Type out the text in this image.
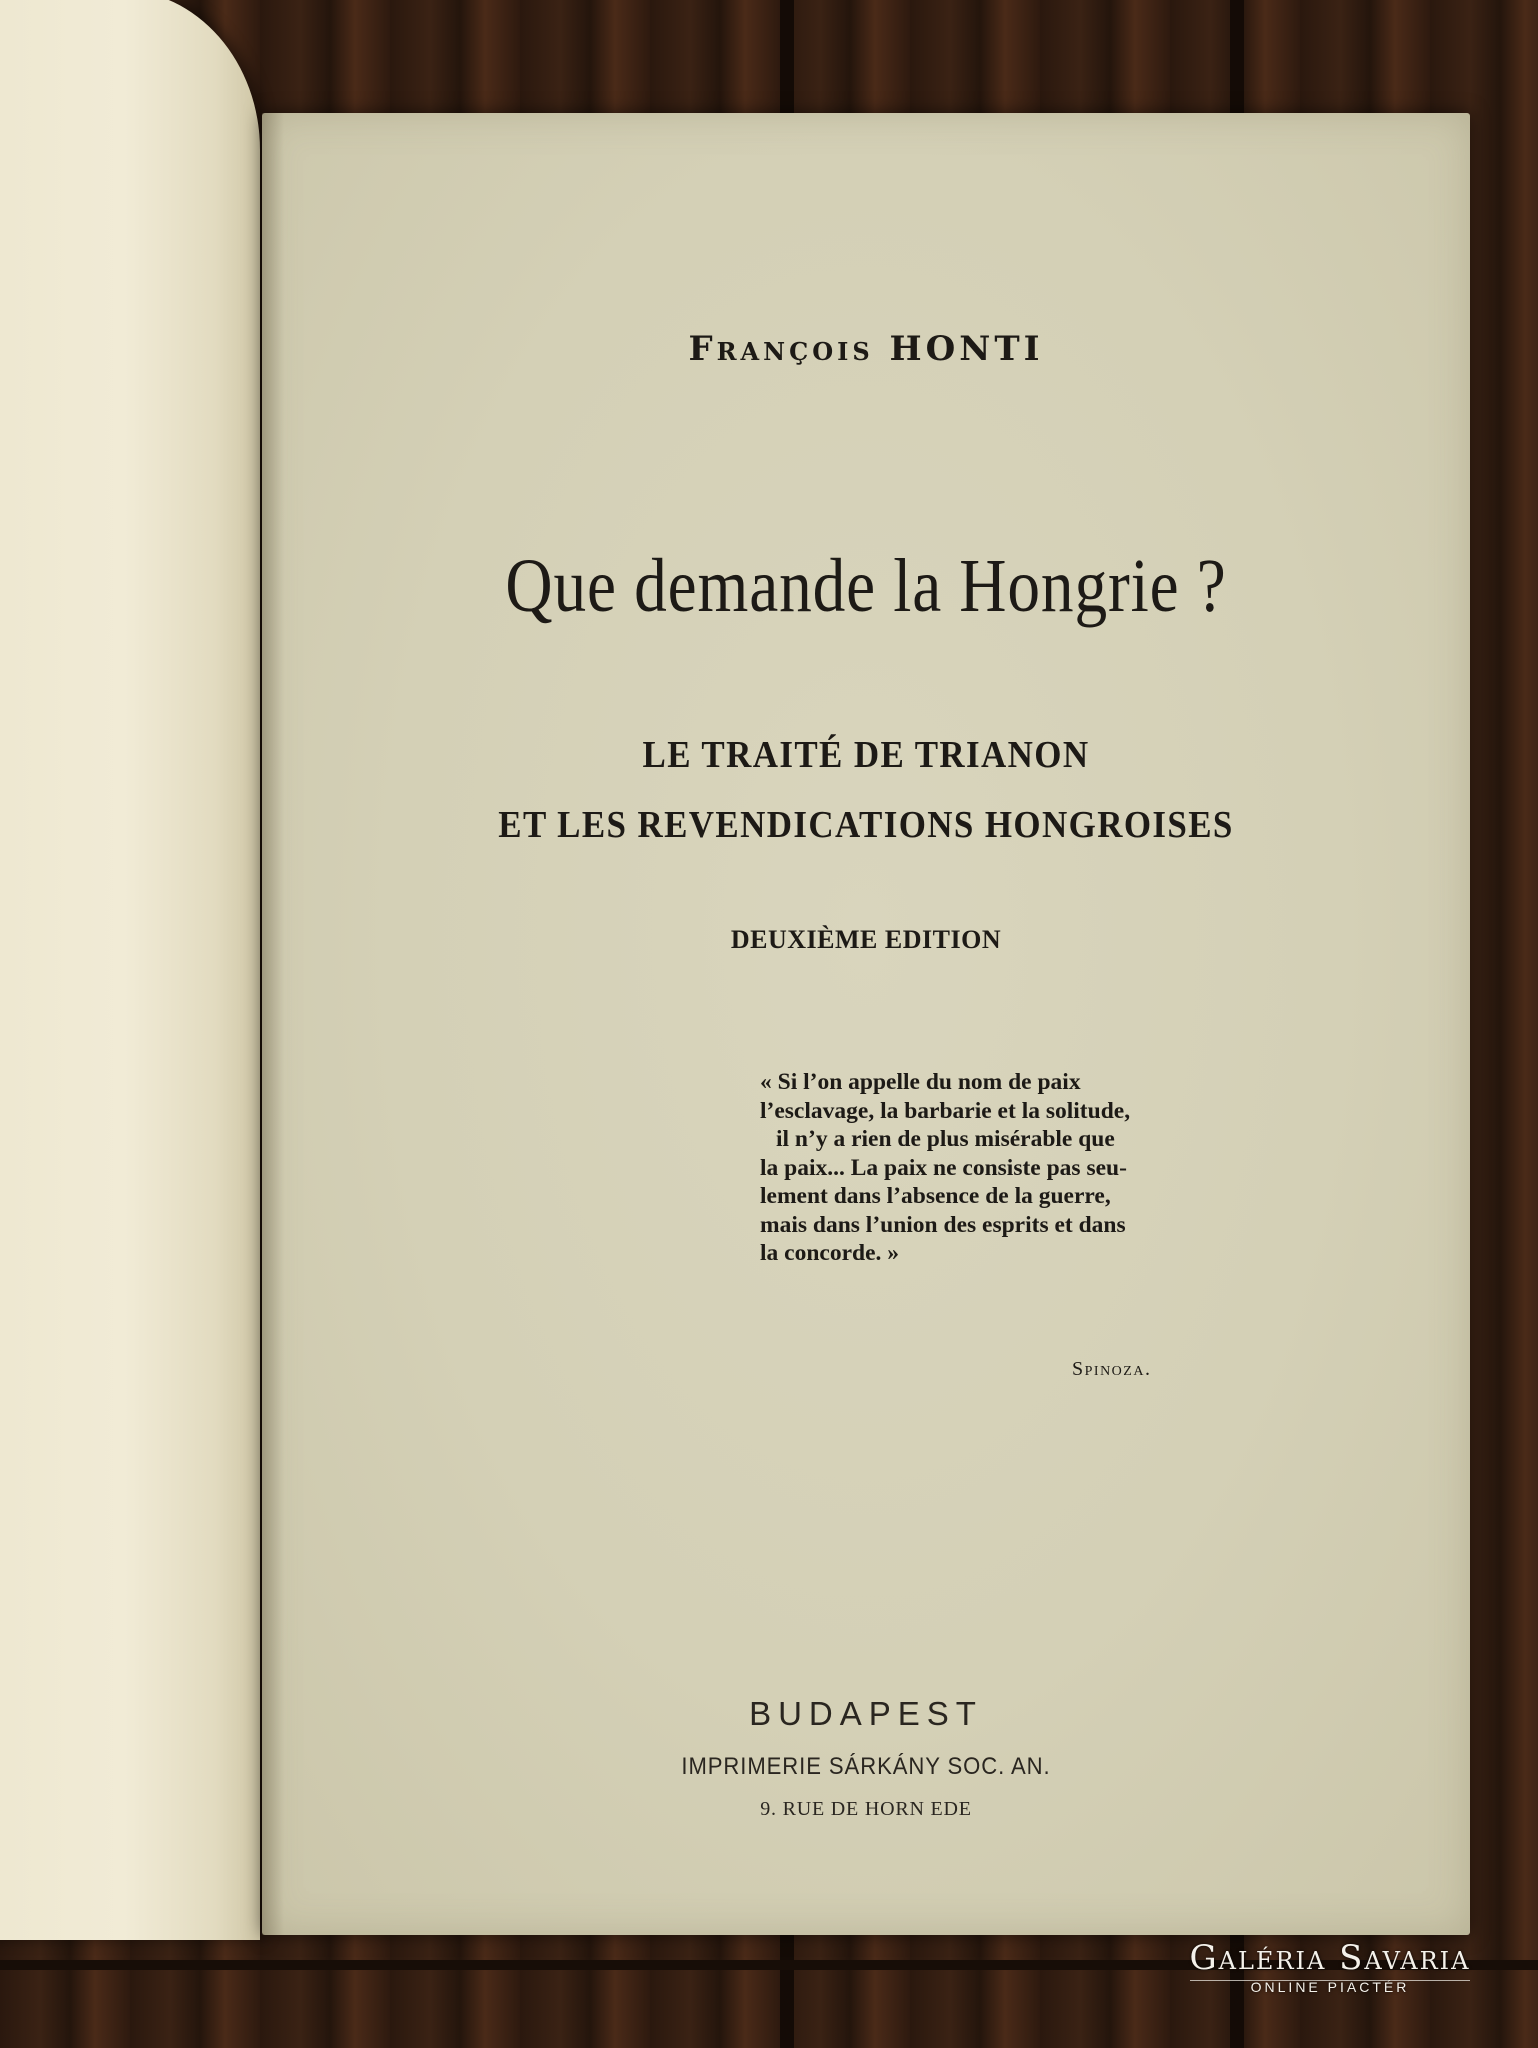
François HONTI
Que demande la Hongrie ?
LE TRAITÉ DE TRIANON
ET LES REVENDICATIONS HONGROISES
DEUXIÈME EDITION
« Si l’on appelle du nom de paix
l’esclavage, la barbarie et la solitude,
il n’y a rien de plus misérable que
la paix... La paix ne consiste pas seu-
lement dans l’absence de la guerre,
mais dans l’union des esprits et dans
la concorde. »
Spinoza.
BUDAPEST
IMPRIMERIE SÁRKÁNY SOC. AN.
9. RUE DE HORN EDE
Galéria Savaria
ONLINE PIACTÉR
